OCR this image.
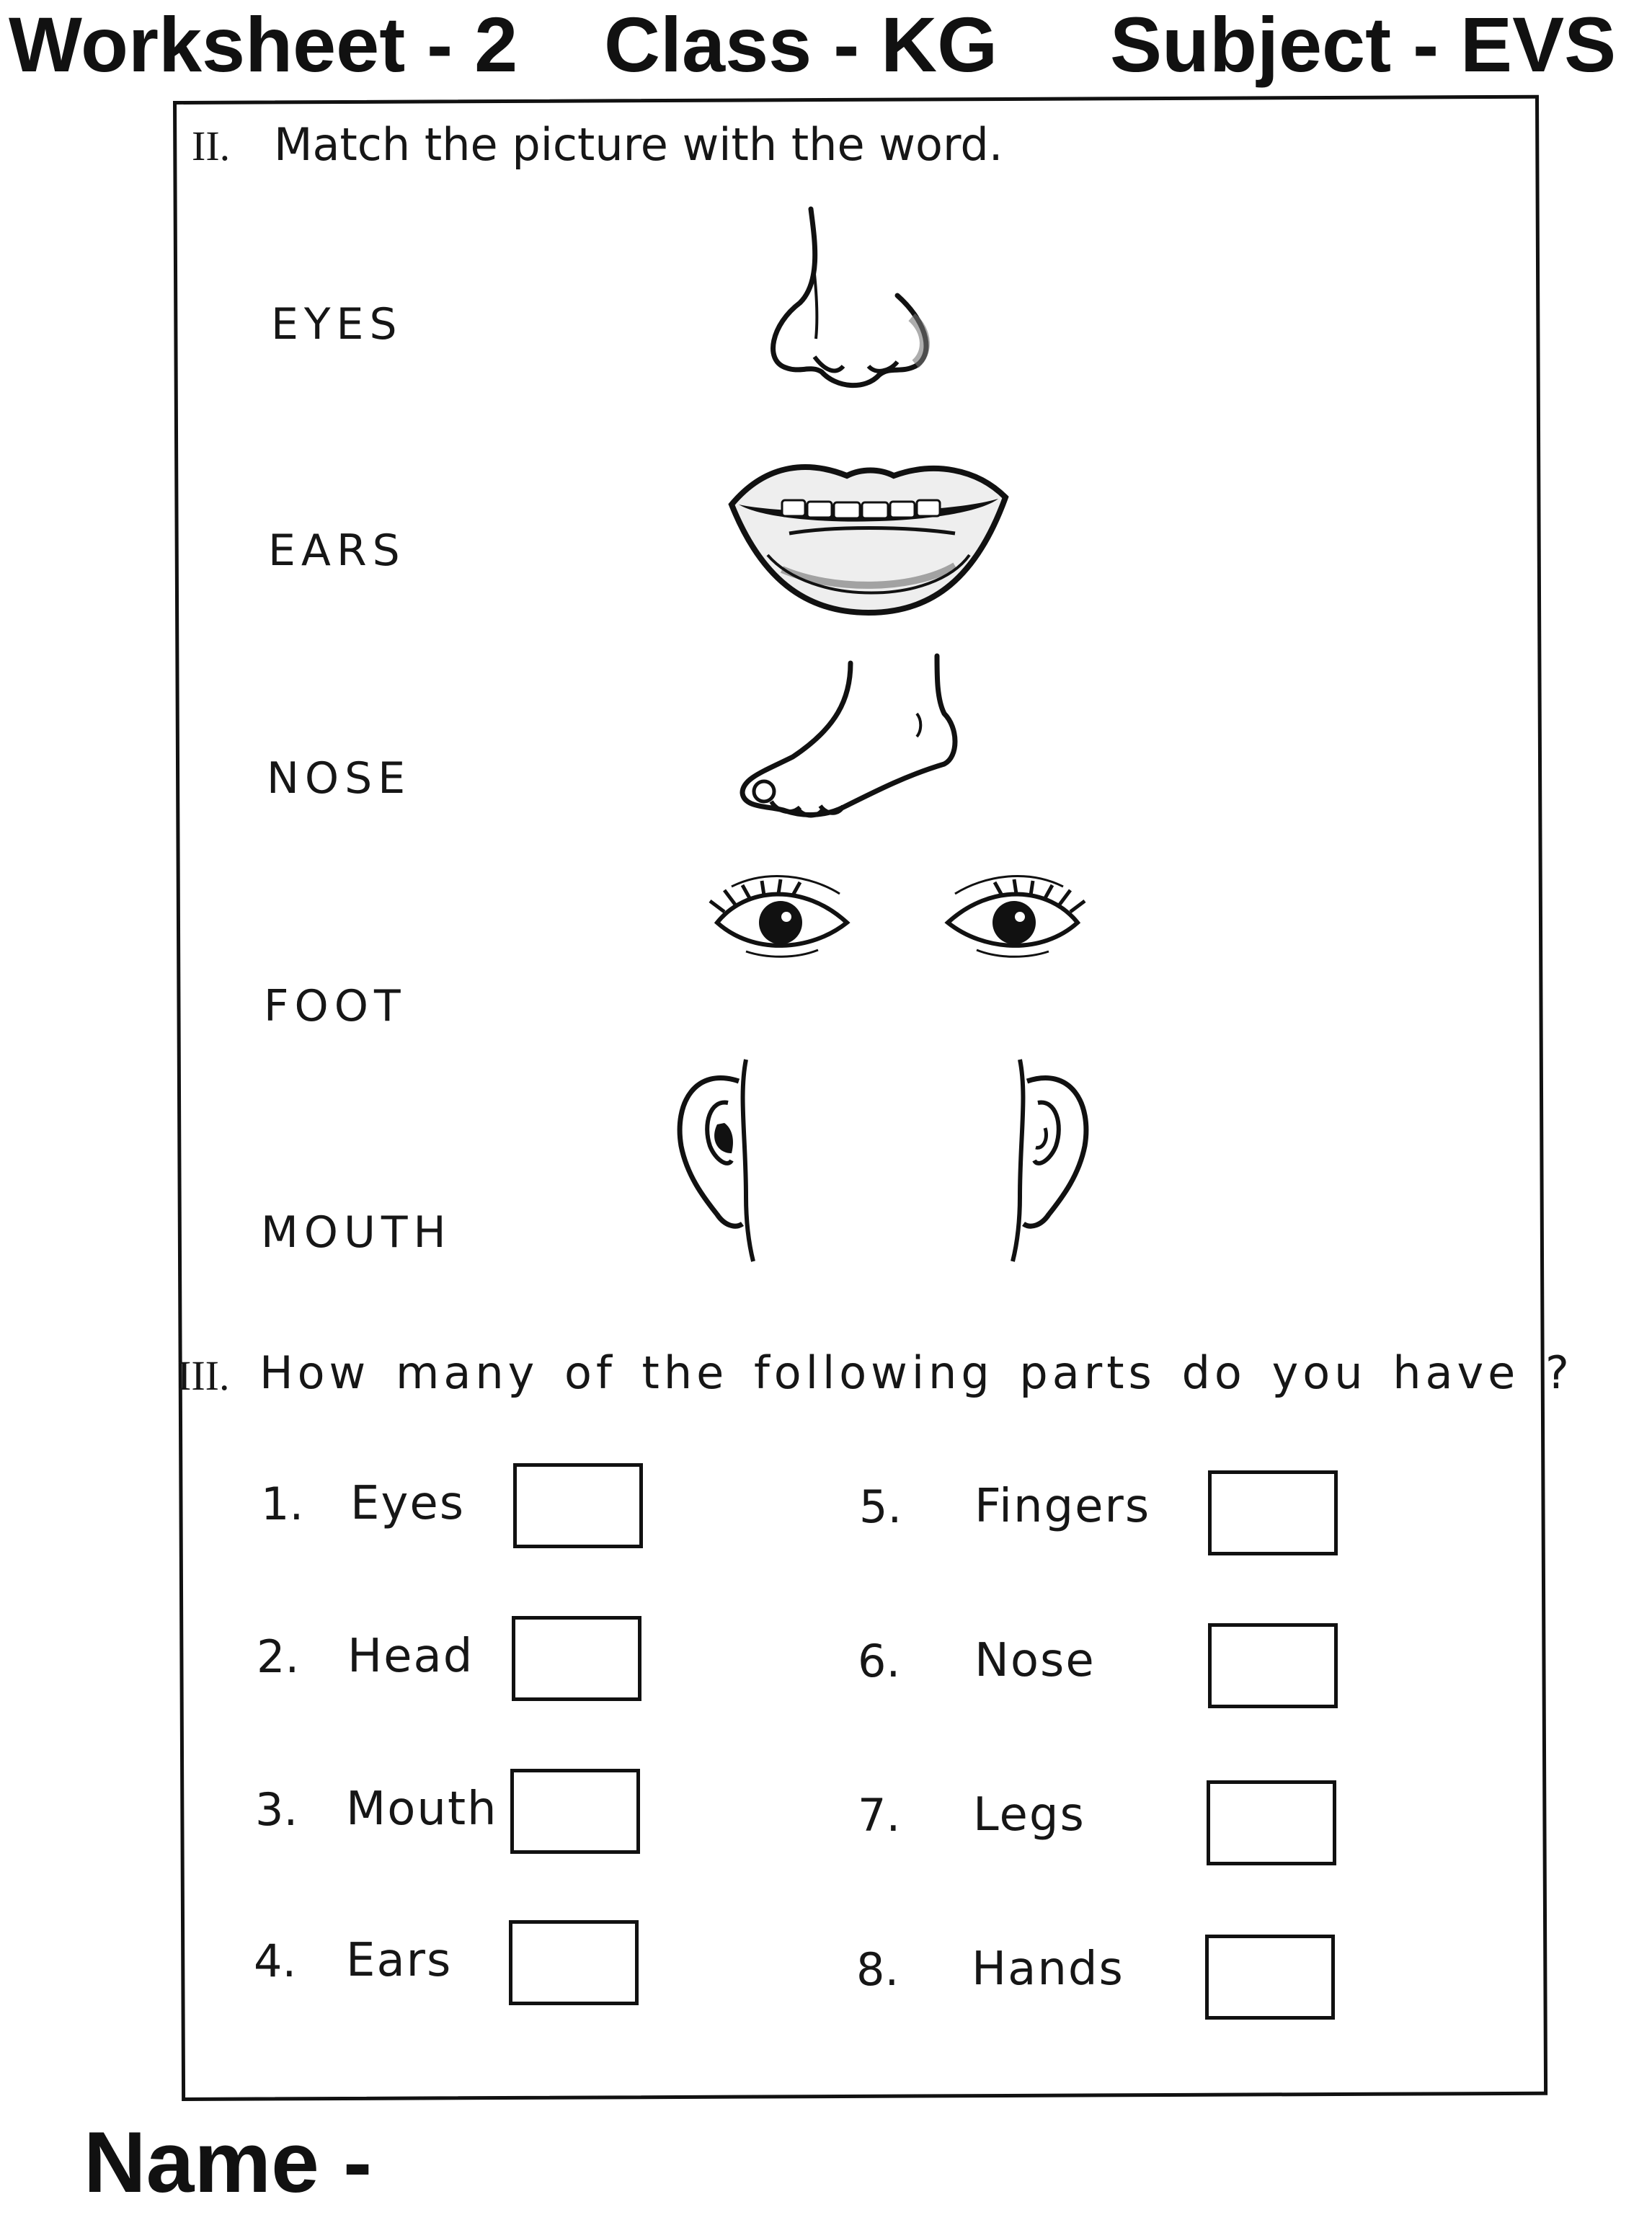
Worksheet - 2 Class - KG Subject - EVS
II. Match the picture with the word.
EYES
EARS
NOSE
FOOT
MOUTH
III. How many of the following parts do you have ?
1. Eyes
2. Head
3. Mouth
4. Ears
5. Fingers
6. Nose
7. Legs
8. Hands
Name -
